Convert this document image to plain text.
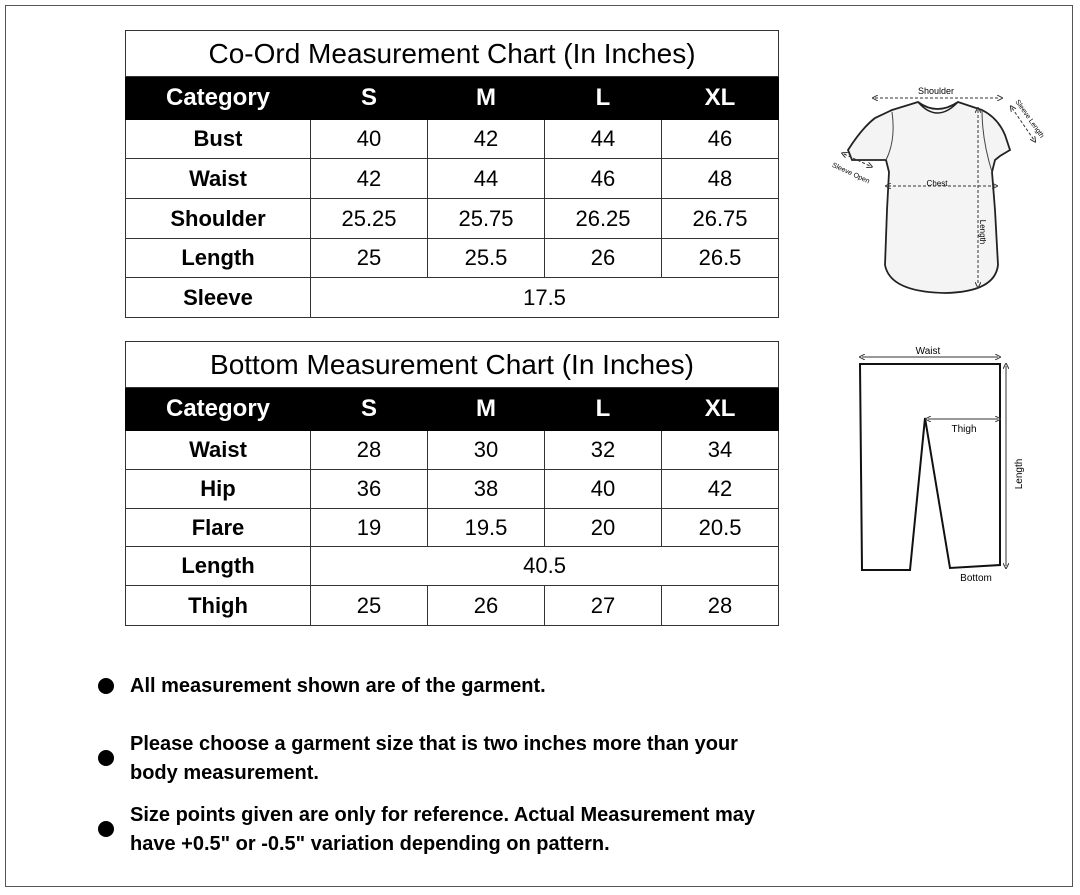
Co-Ord Measurement Chart (In Inches)				
Category	S	M	L	XL
Bust	40	42	44	46
Waist	42	44	46	48
Shoulder	25.25	25.75	26.25	26.75
Length	25	25.5	26	26.5
Sleeve	17.5			
Bottom Measurement Chart (In Inches)				
Category	S	M	L	XL
Waist	28	30	32	34
Hip	36	38	40	42
Flare	19	19.5	20	20.5
Length	40.5			
Thigh	25	26	27	28
Shoulder
Chest
Length
Sleeve Length
Sleeve Open
Waist
Thigh
Length
Bottom
All measurement shown are of the garment.
Please choose a garment size that is two inches more than your body measurement.
Size points given are only for reference. Actual Measurement may have +0.5" or -0.5" variation depending on pattern.
